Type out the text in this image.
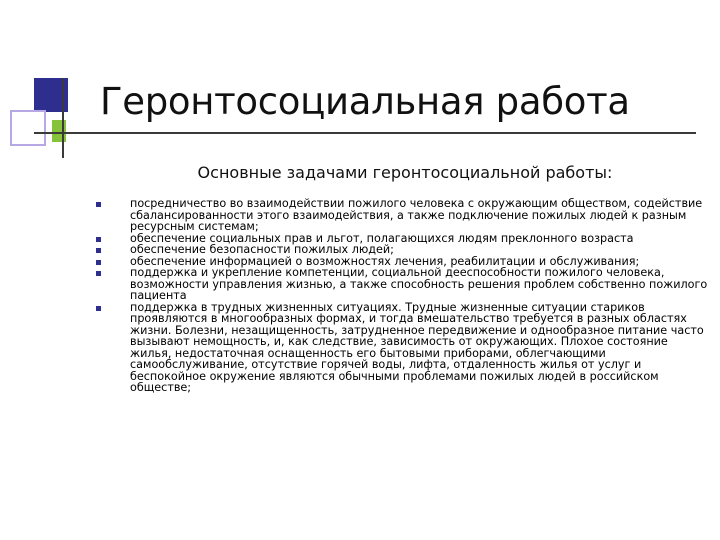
Геронтосоциальная работа
Основные задачами геронтосоциальной работы:
посредничество во взаимодействии пожилого человека с окружающим обществом, содействие сбалансированности этого взаимодействия, а также подключение пожилых людей к разным ресурсным системам;
обеспечение социальных прав и льгот, полагающихся людям преклонного возраста
обеспечение безопасности пожилых людей;
обеспечение информацией о возможностях лечения, реабилитации и обслуживания;
поддержка и укрепление компетенции, социальной дееспособности пожилого человека, возможности управления жизнью, а также способность решения проблем собственно пожилого пациента
поддержка в трудных жизненных ситуациях. Трудные жизненные ситуации стариков проявляются в многообразных формах, и тогда вмешательство требуется в разных областях жизни. Болезни, незащищенность, затрудненное передвижение и однообразное питание часто вызывают немощность, и, как следствие, зависимость от окружающих. Плохое состояние жилья, недостаточная оснащенность его бытовыми приборами, облегчающими самообслуживание, отсутствие горячей воды, лифта, отдаленность жилья от услуг и беспокойное окружение являются обычными проблемами пожилых людей в российском обществе;
